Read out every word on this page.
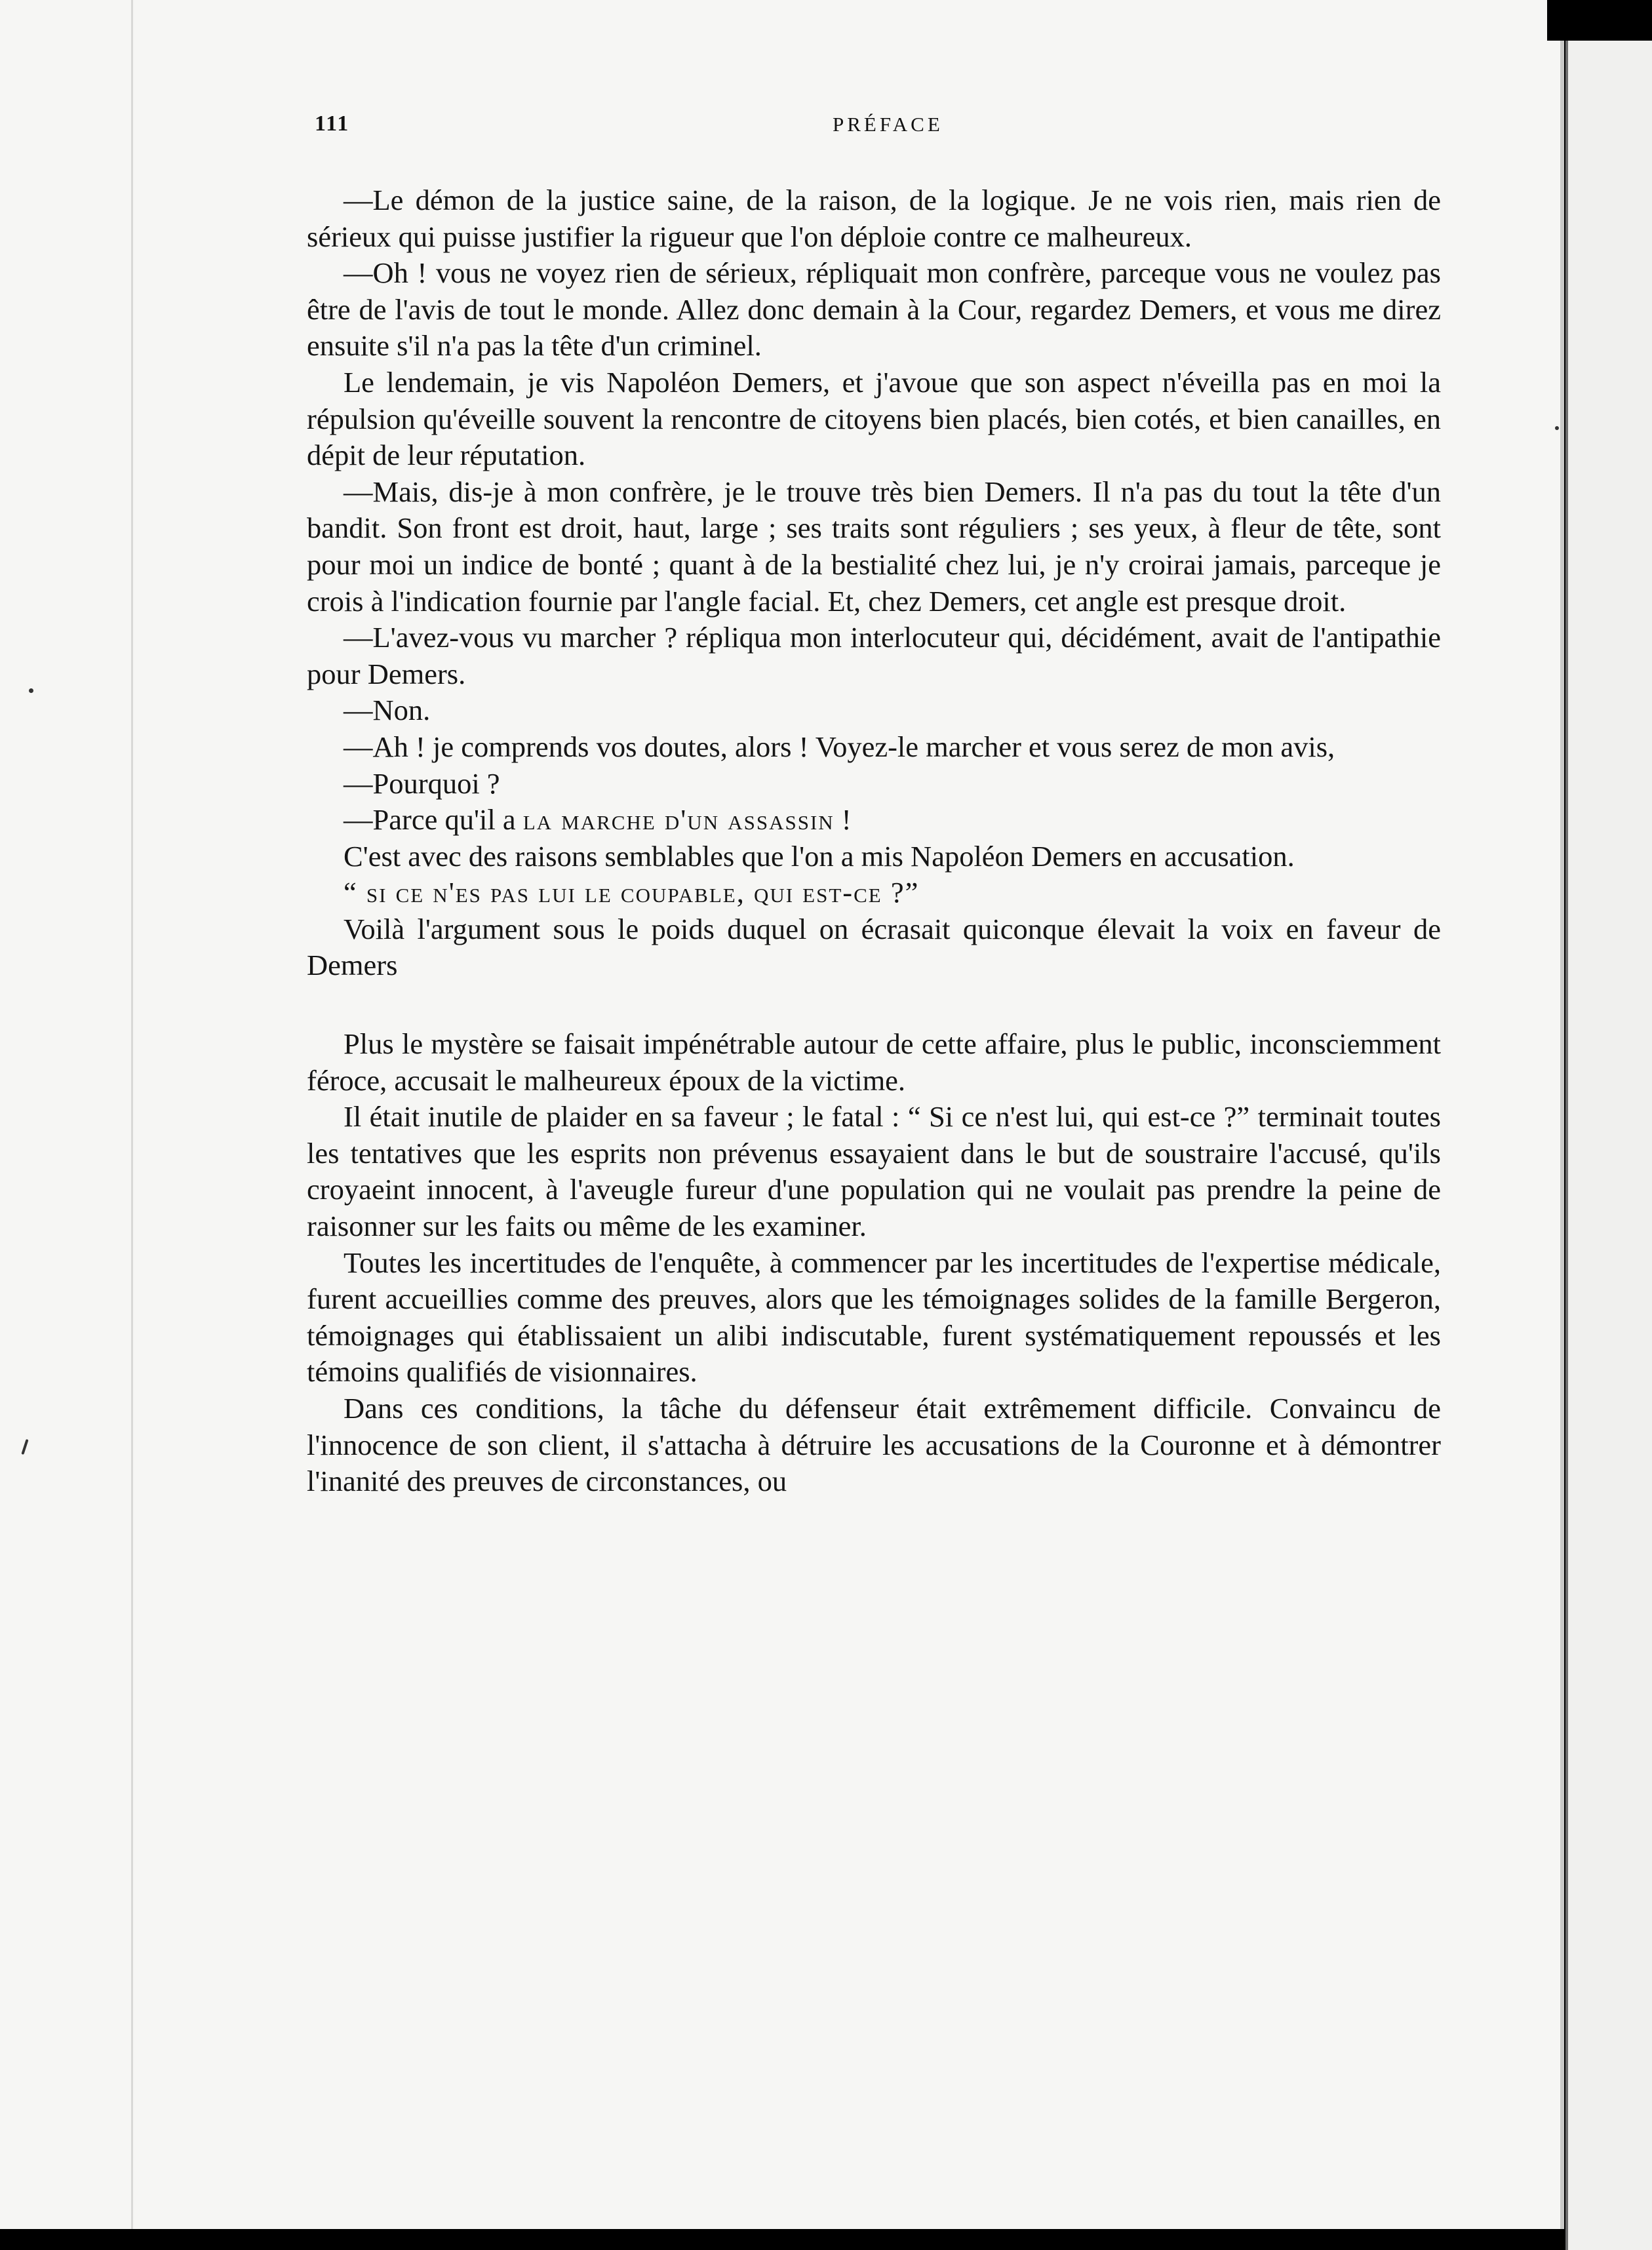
111	PRÉFACE

—Le démon de la justice saine, de la raison, de la logique. Je ne vois rien, mais rien de sérieux qui puisse justifier la rigueur que l'on déploie contre ce malheureux.

—Oh ! vous ne voyez rien de sérieux, répliquait mon confrère, parceque vous ne voulez pas être de l'avis de tout le monde. Allez donc demain à la Cour, regardez Demers, et vous me direz ensuite s'il n'a pas la tête d'un criminel.

Le lendemain, je vis Napoléon Demers, et j'avoue que son aspect n'éveilla pas en moi la répulsion qu'éveille souvent la rencontre de citoyens bien placés, bien cotés, et bien canailles, en dépit de leur réputation.

—Mais, dis-je à mon confrère, je le trouve très bien Demers. Il n'a pas du tout la tête d'un bandit. Son front est droit, haut, large ; ses traits sont réguliers ; ses yeux, à fleur de tête, sont pour moi un indice de bonté ; quant à de la bestialité chez lui, je n'y croirai jamais, parceque je crois à l'indication fournie par l'angle facial. Et, chez Demers, cet angle est presque droit.

—L'avez-vous vu marcher ? répliqua mon interlocuteur qui, décidément, avait de l'antipathie pour Demers.

—Non.

—Ah ! je comprends vos doutes, alors ! Voyez-le marcher et vous serez de mon avis,

—Pourquoi ?

—Parce qu'il a la marche d'un assassin !

C'est avec des raisons semblables que l'on a mis Napoléon Demers en accusation.

“ si ce n'es pas lui le coupable, qui est-ce ?”

Voilà l'argument sous le poids duquel on écrasait quiconque élevait la voix en faveur de Demers

Plus le mystère se faisait impénétrable autour de cette affaire, plus le public, inconsciemment féroce, accusait le malheureux époux de la victime.

Il était inutile de plaider en sa faveur ; le fatal : “ Si ce n'est lui, qui est-ce ?” terminait toutes les tentatives que les esprits non prévenus essayaient dans le but de soustraire l'accusé, qu'ils croyaeint innocent, à l'aveugle fureur d'une population qui ne voulait pas prendre la peine de raisonner sur les faits ou même de les examiner.

Toutes les incertitudes de l'enquête, à commencer par les incertitudes de l'expertise médicale, furent accueillies comme des preuves, alors que les témoignages solides de la famille Bergeron, témoignages qui établissaient un alibi indiscutable, furent systématiquement repoussés et les témoins qualifiés de visionnaires.

Dans ces conditions, la tâche du défenseur était extrêmement difficile. Convaincu de l'innocence de son client, il s'attacha à détruire les accusations de la Couronne et à démontrer l'inanité des preuves de circonstances, ou
